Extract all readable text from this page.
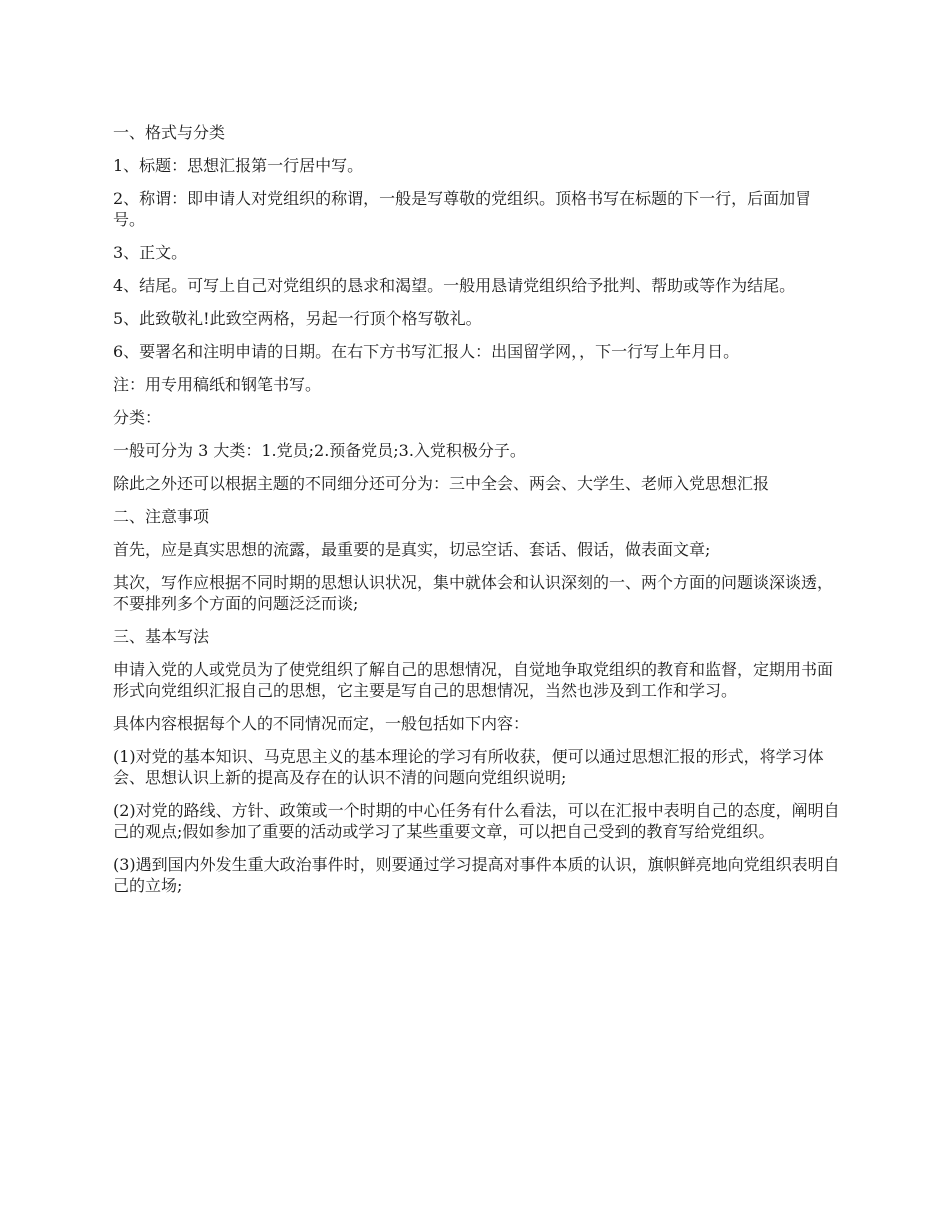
一、格式与分类

1、标题：思想汇报第一行居中写。

2、称谓：即申请人对党组织的称谓，一般是写尊敬的党组织。顶格书写在标题的下一行，后面加冒号。

3、正文。

4、结尾。可写上自己对党组织的恳求和渴望。一般用恳请党组织给予批判、帮助或等作为结尾。

5、此致敬礼!此致空两格，另起一行顶个格写敬礼。

6、要署名和注明申请的日期。在右下方书写汇报人：出国留学网，，下一行写上年月日。

注：用专用稿纸和钢笔书写。

分类：

一般可分为 3 大类：1.党员;2.预备党员;3.入党积极分子。

除此之外还可以根据主题的不同细分还可分为：三中全会、两会、大学生、老师入党思想汇报

二、注意事项

首先，应是真实思想的流露，最重要的是真实，切忌空话、套话、假话，做表面文章;

其次，写作应根据不同时期的思想认识状况，集中就体会和认识深刻的一、两个方面的问题谈深谈透，不要排列多个方面的问题泛泛而谈;

三、基本写法

申请入党的人或党员为了使党组织了解自己的思想情况，自觉地争取党组织的教育和监督，定期用书面形式向党组织汇报自己的思想，它主要是写自己的思想情况，当然也涉及到工作和学习。

具体内容根据每个人的不同情况而定，一般包括如下内容：

(1)对党的基本知识、马克思主义的基本理论的学习有所收获，便可以通过思想汇报的形式，将学习体会、思想认识上新的提高及存在的认识不清的问题向党组织说明;

(2)对党的路线、方针、政策或一个时期的中心任务有什么看法，可以在汇报中表明自己的态度，阐明自己的观点;假如参加了重要的活动或学习了某些重要文章，可以把自己受到的教育写给党组织。

(3)遇到国内外发生重大政治事件时，则要通过学习提高对事件本质的认识，旗帜鲜亮地向党组织表明自己的立场;
